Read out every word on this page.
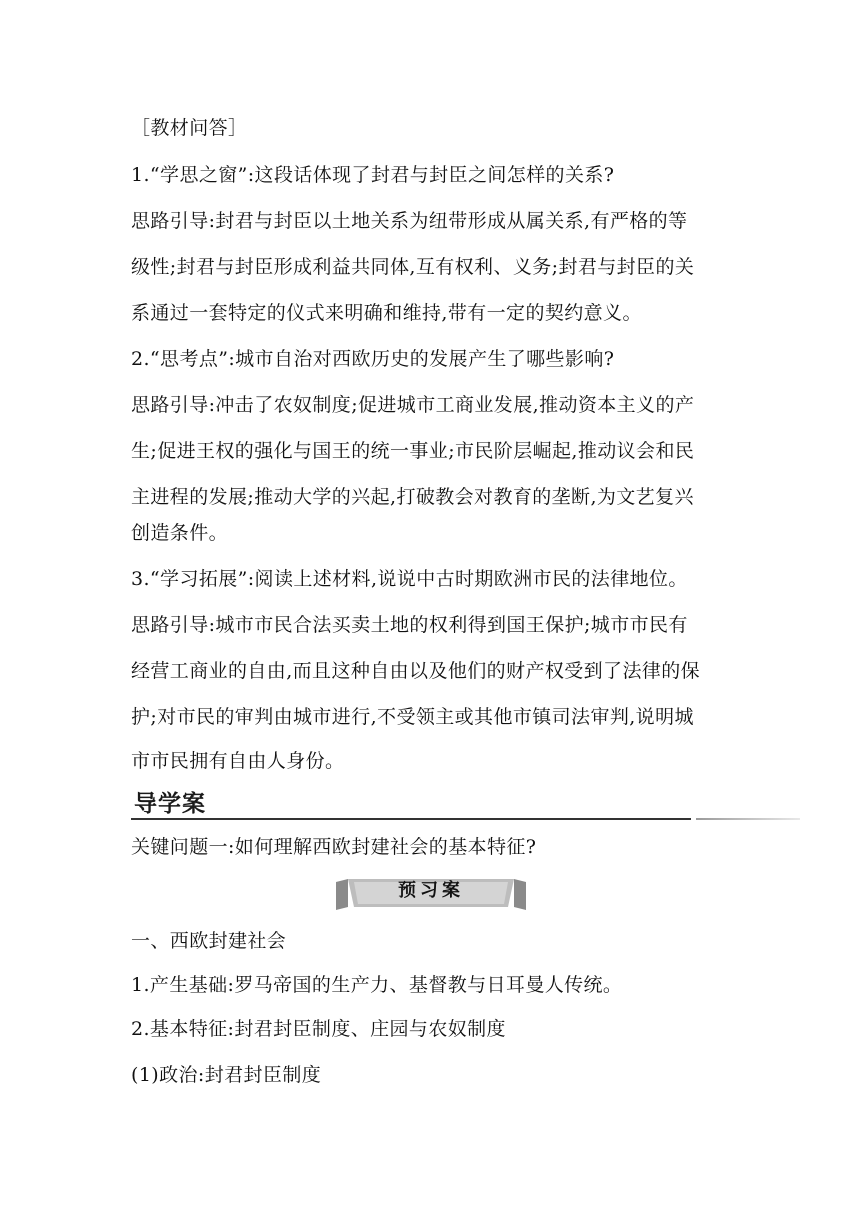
［教材问答］
1.“学思之窗”:这段话体现了封君与封臣之间怎样的关系?
思路引导:封君与封臣以土地关系为纽带形成从属关系,有严格的等
级性;封君与封臣形成利益共同体,互有权利、义务;封君与封臣的关
系通过一套特定的仪式来明确和维持,带有一定的契约意义。
2.“思考点”:城市自治对西欧历史的发展产生了哪些影响?
思路引导:冲击了农奴制度;促进城市工商业发展,推动资本主义的产
生;促进王权的强化与国王的统一事业;市民阶层崛起,推动议会和民
主进程的发展;推动大学的兴起,打破教会对教育的垄断,为文艺复兴
创造条件。
3.“学习拓展”:阅读上述材料,说说中古时期欧洲市民的法律地位。
思路引导:城市市民合法买卖土地的权利得到国王保护;城市市民有
经营工商业的自由,而且这种自由以及他们的财产权受到了法律的保
护;对市民的审判由城市进行,不受领主或其他市镇司法审判,说明城
市市民拥有自由人身份。
导学案
关键问题一:如何理解西欧封建社会的基本特征?
预习案
一、西欧封建社会
1.产生基础:罗马帝国的生产力、基督教与日耳曼人传统。
2.基本特征:封君封臣制度、庄园与农奴制度
(1)政治:封君封臣制度
